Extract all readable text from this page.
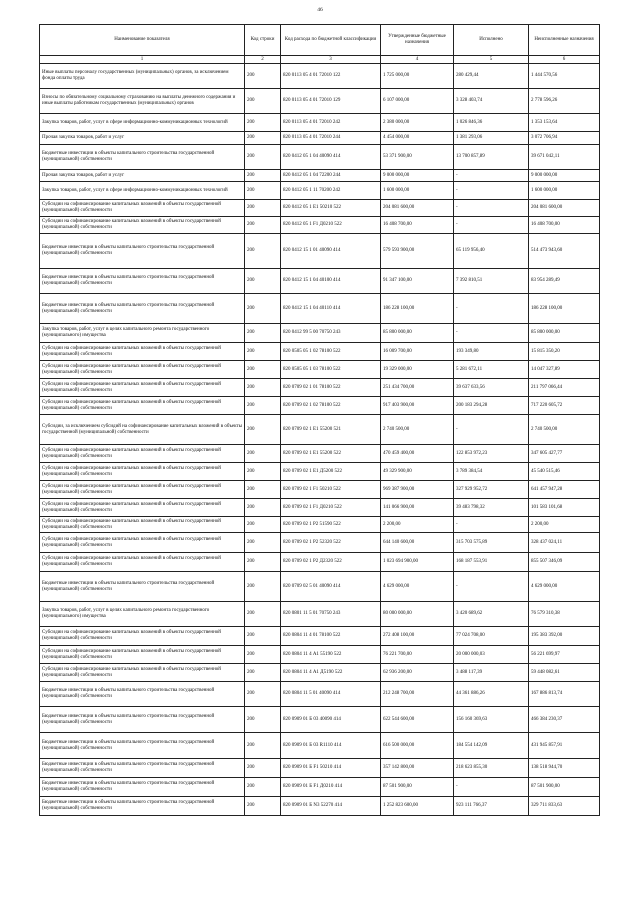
46
Наименование показателя	Код строки	Код расхода по бюджетной классификации	Утвержденные бюджетные назначения	Исполнено	Неисполненные назначения
1	2	3	4	5	6
Иные выплаты персоналу государственных (муниципальных) органов, за исключением фонда оплаты труда	200	820 0113 05 4 01 72010 122	1 725 000,00	280 429,44	1 444 570,56
Взносы по обязательному социальному страхованию на выплаты денежного содержания и иные выплаты работникам государственных (муниципальных) органов	200	820 0113 05 4 01 72010 129	6 107 000,00	3 328 403,74	2 778 596,26
Закупка товаров, работ, услуг в сфере информационно-коммуникационных технологий	200	820 0113 05 4 01 72010 242	2 380 000,00	1 026 846,36	1 353 153,64
Прочая закупка товаров, работ и услуг	200	820 0113 05 4 01 72010 244	4 454 000,00	1 381 293,06	3 072 706,94
Бюджетные инвестиции в объекты капитального строительства государственной (муниципальной) собственности	200	820 0412 05 1 04 40090 414	53 371 900,00	13 700 857,89	39 671 042,11
Прочая закупка товаров, работ и услуг	200	820 0412 05 1 04 72200 244	9 000 000,00	-	9 000 000,00
Закупка товаров, работ, услуг в сфере информационно-коммуникационных технологий	200	820 0412 05 1 11 70200 242	1 600 000,00	-	1 600 000,00
Субсидии на софинансирование капитальных вложений в объекты государственной (муниципальной) собственности	200	820 0412 05 1 E1 50210 522	204 081 600,00	-	204 081 600,00
Субсидии на софинансирование капитальных вложений в объекты государственной (муниципальной) собственности	200	820 0412 05 1 F1 Д0210 522	16 408 700,00	-	16 408 700,00
Бюджетные инвестиции в объекты капитального строительства государственной (муниципальной) собственности	200	820 0412 15 1 01 40090 414	579 593 900,00	65 119 956,40	514 473 943,60
Бюджетные инвестиции в объекты капитального строительства государственной (муниципальной) собственности	200	820 0412 15 1 04 40100 414	91 347 100,00	7 392 810,51	83 954 289,49
Бюджетные инвестиции в объекты капитального строительства государственной (муниципальной) собственности	200	820 0412 15 1 04 40110 414	186 228 100,00	-	186 228 100,00
Закупка товаров, работ, услуг в целях капитального ремонта государственного (муниципального) имущества	200	820 0412 99 5 00 70750 243	85 800 000,00	-	85 800 000,00
Субсидии на софинансирование капитальных вложений в объекты государственной (муниципальной) собственности	200	820 0505 05 1 02 78100 522	16 009 700,00	193 349,80	15 815 350,20
Субсидии на софинансирование капитальных вложений в объекты государственной (муниципальной) собственности	200	820 0505 05 1 03 78100 522	19 329 000,00	5 281 672,11	14 047 327,89
Субсидии на софинансирование капитальных вложений в объекты государственной (муниципальной) собственности	200	820 0709 02 1 01 78100 522	251 434 700,00	39 637 633,56	211 797 066,44
Субсидии на софинансирование капитальных вложений в объекты государственной (муниципальной) собственности	200	820 0709 02 1 02 78100 522	917 403 900,00	200 183 294,28	717 220 605,72
Субсидии, за исключением субсидий на софинансирование капитальных вложений в объекты государственной (муниципальной) собственности	200	820 0709 02 1 Е1 55200 521	2 740 500,00	-	2 740 500,00
Субсидии на софинансирование капитальных вложений в объекты государственной (муниципальной) собственности	200	820 0709 02 1 Е1 55200 522	470 459 400,00	122 853 972,23	347 605 427,77
Субсидии на софинансирование капитальных вложений в объекты государственной (муниципальной) собственности	200	820 0709 02 1 Е1 Д5200 522	49 329 900,00	3 789 384,54	45 540 515,46
Субсидии на софинансирование капитальных вложений в объекты государственной (муниципальной) собственности	200	820 0709 02 1 F1 50210 522	969 387 900,00	327 929 952,72	641 457 947,28
Субсидии на софинансирование капитальных вложений в объекты государственной (муниципальной) собственности	200	820 0709 02 1 F1 Д0210 522	141 066 900,00	39 483 798,32	101 583 101,68
Субсидии на софинансирование капитальных вложений в объекты государственной (муниципальной) собственности	200	820 0709 02 1 Р2 51590 522	2 200,00	-	2 200,00
Субсидии на софинансирование капитальных вложений в объекты государственной (муниципальной) собственности	200	820 0709 02 1 Р2 52320 522	644 140 600,00	315 703 575,89	328 437 024,11
Субсидии на софинансирование капитальных вложений в объекты государственной (муниципальной) собственности	200	820 0709 02 1 Р2 Д2320 522	1 023 694 900,00	168 187 553,91	855 507 346,09
Бюджетные инвестиции в объекты капитального строительства государственной (муниципальной) собственности	200	820 0709 02 5 01 40090 414	4 629 000,00	-	4 629 000,00
Закупка товаров, работ, услуг в целях капитального ремонта государственного (муниципального) имущества	200	820 0801 11 5 01 70750 243	80 000 000,00	3 420 689,62	76 579 310,38
Субсидии на софинансирование капитальных вложений в объекты государственной (муниципальной) собственности	200	820 0804 11 4 01 78100 522	272 408 100,00	77 024 708,00	195 383 392,00
Субсидии на софинансирование капитальных вложений в объекты государственной (муниципальной) собственности	200	820 0804 11 4 А1 55190 522	76 221 700,00	20 000 000,03	56 221 699,97
Субсидии на софинансирование капитальных вложений в объекты государственной (муниципальной) собственности	200	820 0804 11 4 А1 Д5190 522	62 936 200,00	3 488 117,39	59 448 082,61
Бюджетные инвестиции в объекты капитального строительства государственной (муниципальной) собственности	200	820 0804 11 5 01 40090 414	212 248 700,00	44 361 886,26	167 886 813,74
Бюджетные инвестиции в объекты капитального строительства государственной (муниципальной) собственности	200	820 0909 01 Б 03 40090 414	622 544 600,00	156 160 369,63	466 384 230,37
Бюджетные инвестиции в объекты капитального строительства государственной (муниципальной) собственности	200	820 0909 01 Б 03 R1110 414	616 500 000,00	184 554 142,09	431 945 857,91
Бюджетные инвестиции в объекты капитального строительства государственной (муниципальной) собственности	200	820 0909 01 Б F1 50210 414	357 142 800,00	218 623 855,30	138 518 944,70
Бюджетные инвестиции в объекты капитального строительства государственной (муниципальной) собственности	200	820 0909 01 Б F1 Д0210 414	87 501 900,00	-	87 501 900,00
Бюджетные инвестиции в объекты капитального строительства государственной (муниципальной) собственности	200	820 0909 01 Б N3 52270 414	1 252 823 600,00	923 111 766,37	329 711 833,63
